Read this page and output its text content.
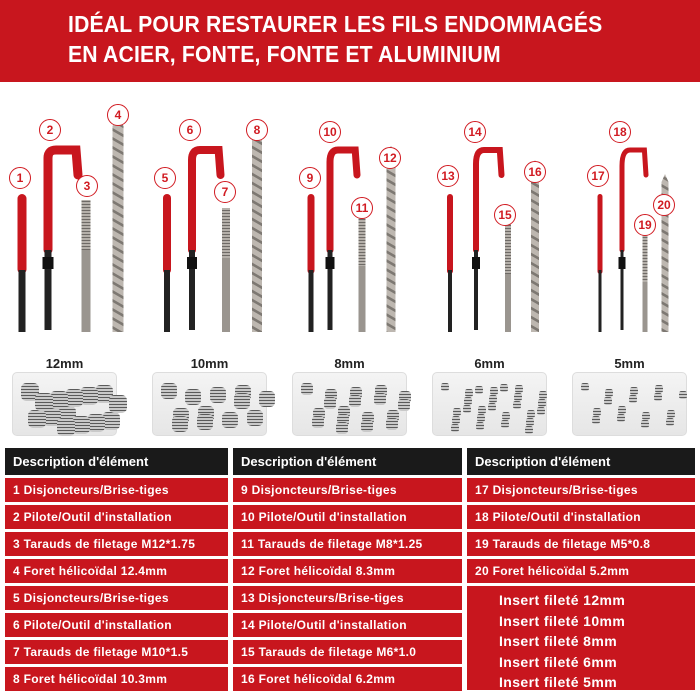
IDÉAL POUR RESTAURER LES FILS ENDOMMAGÉS
EN ACIER, FONTE, FONTE ET ALUMINIUM
1
2
3
4
5
6
7
8
9
10
11
12
13
14
15
16	17
18
19
20
12mm	10mm	8mm	6mm	5mm
Description d'élément
1 Disjoncteurs/Brise-tiges
2 Pilote/Outil d'installation
3 Tarauds de filetage M12*1.75
4 Foret hélicoïdal 12.4mm
5 Disjoncteurs/Brise-tiges
6 Pilote/Outil d'installation
7 Tarauds de filetage M10*1.5
8 Foret hélicoïdal 10.3mm
Description d'élément
9 Disjoncteurs/Brise-tiges
10 Pilote/Outil d'installation
11 Tarauds de filetage M8*1.25
12 Foret hélicoïdal 8.3mm
13 Disjoncteurs/Brise-tiges
14 Pilote/Outil d'installation
15 Tarauds de filetage M6*1.0
16 Foret hélicoïdal 6.2mm
Description d'élément
17 Disjoncteurs/Brise-tiges
18 Pilote/Outil d'installation
19 Tarauds de filetage M5*0.8
20 Foret hélicoïdal 5.2mm
Insert fileté 12mm
Insert fileté 10mm
Insert fileté 8mm
Insert fileté 6mm
Insert fileté 5mm
